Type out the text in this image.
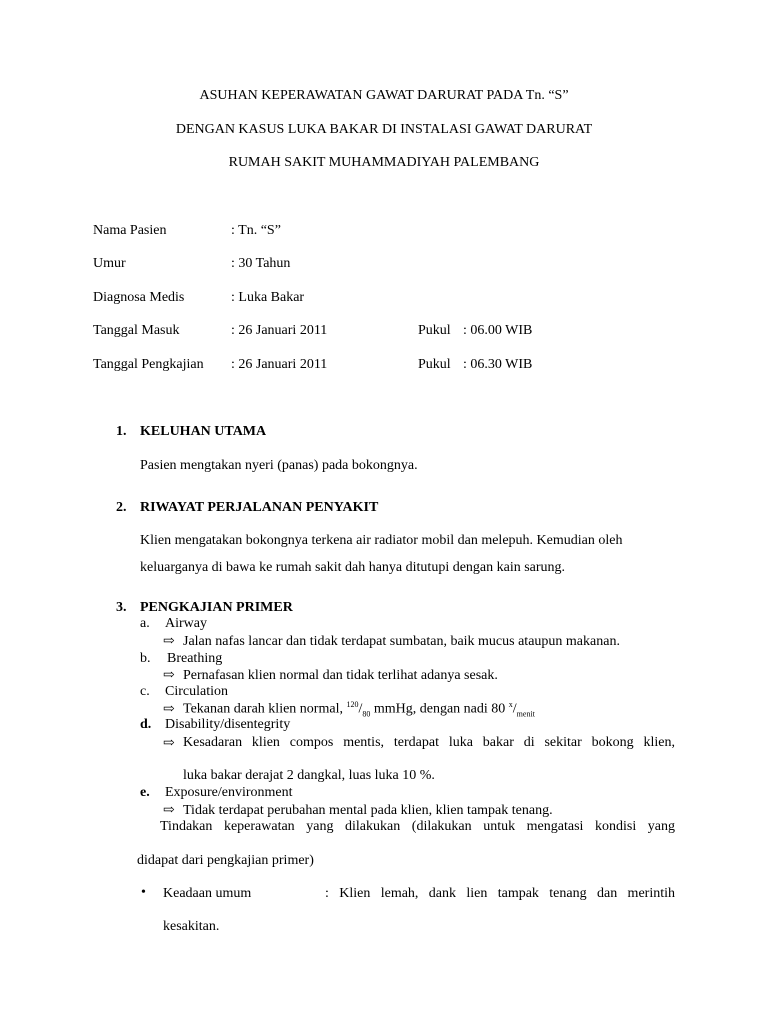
ASUHAN KEPERAWATAN GAWAT DARURAT PADA Tn. “S”
DENGAN KASUS LUKA BAKAR DI INSTALASI GAWAT DARURAT
RUMAH SAKIT MUHAMMADIYAH PALEMBANG
Nama Pasien	: Tn. “S”
Umur	: 30 Tahun
Diagnosa Medis	: Luka Bakar
Tanggal Masuk	: 26 Januari 2011	Pukul : 06.00 WIB
Tanggal Pengkajian : 26 Januari 2011	Pukul : 06.30 WIB
1. KELUHAN UTAMA
Pasien mengtakan nyeri (panas) pada bokongnya.
2. RIWAYAT PERJALANAN PENYAKIT
Klien mengatakan bokongnya terkena air radiator mobil dan melepuh. Kemudian oleh
keluarganya di bawa ke rumah sakit dah hanya ditutupi dengan kain sarung.
3. PENGKAJIAN PRIMER
a. Airway
⇨ Jalan nafas lancar dan tidak terdapat sumbatan, baik mucus ataupun makanan.
b. Breathing
⇨ Pernafasan klien normal dan tidak terlihat adanya sesak.
c. Circulation
⇨ Tekanan darah klien normal, $^{120}/_{80}$ mmHg, dengan nadi 80 $^x/_{menit}$
d. Disability/disentegrity
⇨ Kesadaran klien compos mentis, terdapat luka bakar di sekitar bokong klien,
luka bakar derajat 2 dangkal, luas luka 10 %.
e. Exposure/environment
⇨ Tidak terdapat perubahan mental pada klien, klien tampak tenang.
Tindakan keperawatan yang dilakukan (dilakukan untuk mengatasi kondisi yang
didapat dari pengkajian primer)
• Keadaan umum	: Klien lemah, dank lien tampak tenang dan merintih
kesakitan.
